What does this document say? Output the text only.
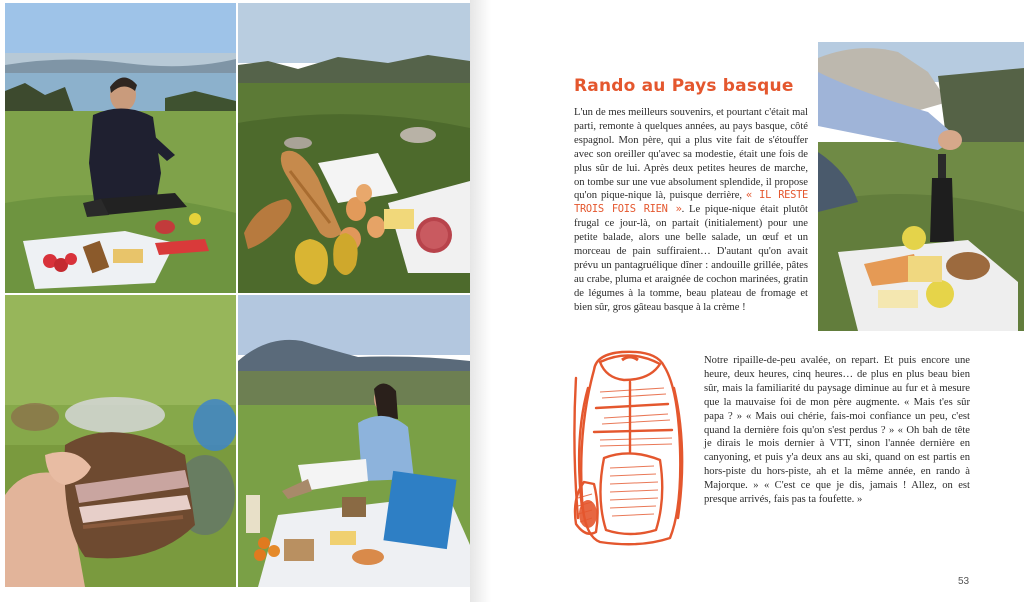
Rando au Pays basque

L'un de mes meilleurs souvenirs, et pourtant c'était mal parti, remonte à quelques années, au pays basque, côté espagnol. Mon père, qui a plus vite fait de s'étouffer avec son oreiller qu'avec sa modestie, était une fois de plus sûr de lui. Après deux petites heures de marche, on tombe sur une vue absolument splendide, il propose qu'on pique-nique là, puisque derrière, « IL RESTE TROIS FOIS RIEN ». Le pique-nique était plutôt frugal ce jour-là, on partait (initialement) pour une petite balade, alors une belle salade, un œuf et un morceau de pain suffiraient… D'autant qu'on avait prévu un pantagruélique dîner : andouille grillée, pâtes au crabe, pluma et araignée de cochon marinées, gratin de légumes à la tomme, beau plateau de fromage et bien sûr, gros gâteau basque à la crème !

Notre ripaille-de-peu avalée, on repart. Et puis encore une heure, deux heures, cinq heures… de plus en plus beau bien sûr, mais la familiarité du paysage diminue au fur et à mesure que la mauvaise foi de mon père augmente. « Mais t'es sûr papa ? » « Mais oui chérie, fais-moi confiance un peu, c'est quand la dernière fois qu'on s'est perdus ? » « Oh bah de tête je dirais le mois dernier à VTT, sinon l'année dernière en canyoning, et puis y'a deux ans au ski, quand on est partis en hors-piste du hors-piste, ah et la même année, en rando à Majorque. » « C'est ce que je dis, jamais ! Allez, on est presque arrivés, fais pas ta foufette. »

53
